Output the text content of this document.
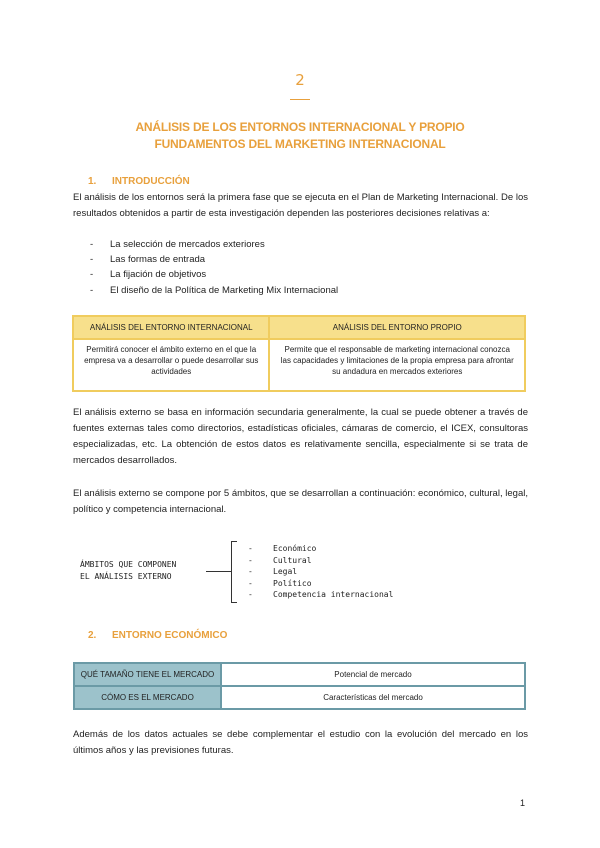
2
ANÁLISIS DE LOS ENTORNOS INTERNACIONAL Y PROPIO
FUNDAMENTOS DEL MARKETING INTERNACIONAL
1. INTRODUCCIÓN
El análisis de los entornos será la primera fase que se ejecuta en el Plan de Marketing Internacional. De los resultados obtenidos a partir de esta investigación dependen las posteriores decisiones relativas a:
- La selección de mercados exteriores
- Las formas de entrada
- La fijación de objetivos
- El diseño de la Política de Marketing Mix Internacional
ANÁLISIS DEL ENTORNO INTERNACIONAL	ANÁLISIS DEL ENTORNO PROPIO
Permitirá conocer el ámbito externo en el que la empresa va a desarrollar o puede desarrollar sus actividades	Permite que el responsable de marketing internacional conozca las capacidades y limitaciones de la propia empresa para afrontar su andadura en mercados exteriores
El análisis externo se basa en información secundaria generalmente, la cual se puede obtener a través de fuentes externas tales como directorios, estadísticas oficiales, cámaras de comercio, el ICEX, consultoras especializadas, etc. La obtención de estos datos es relativamente sencilla, especialmente si se trata de mercados desarrollados.
El análisis externo se compone por 5 ámbitos, que se desarrollan a continuación: económico, cultural, legal, político y competencia internacional.
ÁMBITOS QUE COMPONEN
EL ANÁLISIS EXTERNO
-	Económico
-	Cultural
-	Legal
-	Político
-	Competencia internacional
2. ENTORNO ECONÓMICO
QUÉ TAMAÑO TIENE EL MERCADO	Potencial de mercado
CÓMO ES EL MERCADO	Características del mercado
Además de los datos actuales se debe complementar el estudio con la evolución del mercado en los últimos años y las previsiones futuras.
1
